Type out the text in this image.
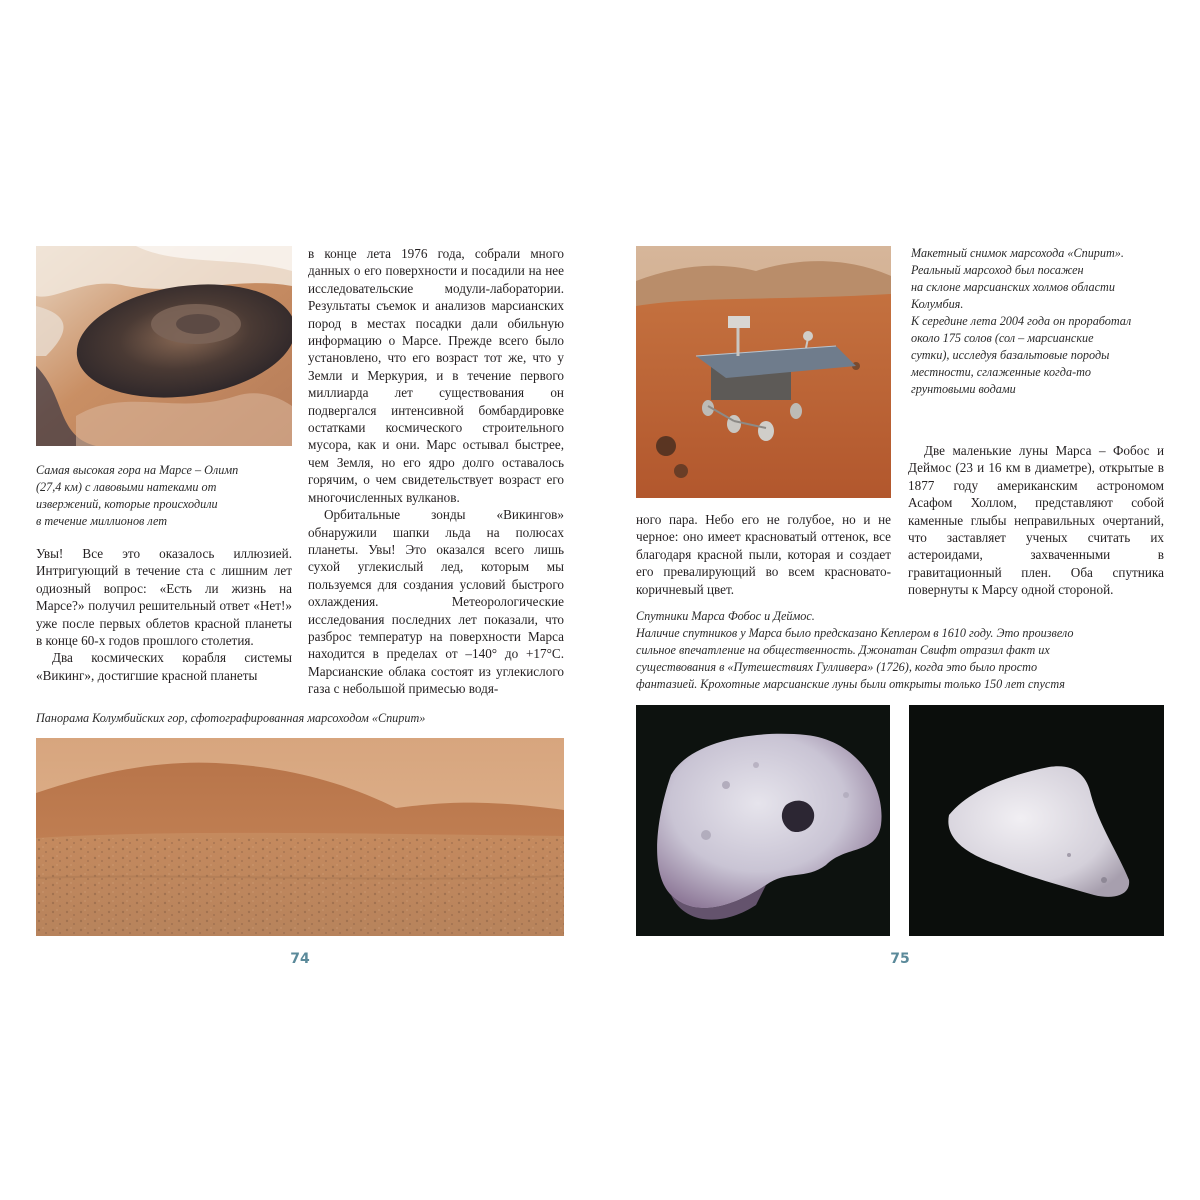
Самая высокая гора на Марсе – Олимп
(27,4 км) с лавовыми натеками от
извержений, которые происходили
в течение миллионов лет

Увы! Все это оказалось иллюзией. Интригующий в течение ста с лишним лет одиозный вопрос: «Есть ли жизнь на Марсе?» получил решительный ответ «Нет!» уже после первых облетов красной планеты в конце 60-х годов прошлого столетия.

Два космических корабля системы «Викинг», достигшие красной планеты

в конце лета 1976 года, собрали много данных о его поверхности и посадили на нее исследовательские модули-лаборатории. Результаты съемок и анализов марсианских пород в местах посадки дали обильную информацию о Марсе. Прежде всего было установлено, что его возраст тот же, что у Земли и Меркурия, и в течение первого миллиарда лет существования он подвергался интенсивной бомбардировке остатками космического строительного мусора, как и они. Марс остывал быстрее, чем Земля, но его ядро долго оставалось горячим, о чем свидетельствует возраст его многочисленных вулканов.

Орбитальные зонды «Викингов» обнаружили шапки льда на полюсах планеты. Увы! Это оказался всего лишь сухой углекислый лед, которым мы пользуемся для создания условий быстрого охлаждения. Метеорологические исследования последних лет показали, что разброс температур на поверхности Марса находится в пределах от –140° до +17°С. Марсианские облака состоят из углекислого газа с небольшой примесью водя-

Панорама Колумбийских гор, сфотографированная марсоходом «Спирит»
74
Макетный снимок марсохода «Спирит».
Реальный марсоход был посажен
на склоне марсианских холмов области
Колумбия.
К середине лета 2004 года он проработал
около 175 солов (сол – марсианские
сутки), исследуя базальтовые породы
местности, сглаженные когда-то
грунтовыми водами

ного пара. Небо его не голубое, но и не черное: оно имеет красноватый оттенок, все благодаря красной пыли, которая и создает его превалирующий во всем красновато-коричневый цвет.

Две маленькие луны Марса – Фобос и Деймос (23 и 16 км в диаметре), открытые в 1877 году американским астрономом Асафом Холлом, представляют собой каменные глыбы неправильных очертаний, что заставляет ученых считать их астероидами, захваченными в гравитационный плен. Оба спутника повернуты к Марсу одной стороной.

Спутники Марса Фобос и Деймос.
Наличие спутников у Марса было предсказано Кеплером в 1610 году. Это произвело
сильное впечатление на общественность. Джонатан Свифт отразил факт их
существования в «Путешествиях Гулливера» (1726), когда это было просто
фантазией. Крохотные марсианские луны были открыты только 150 лет спустя
75
